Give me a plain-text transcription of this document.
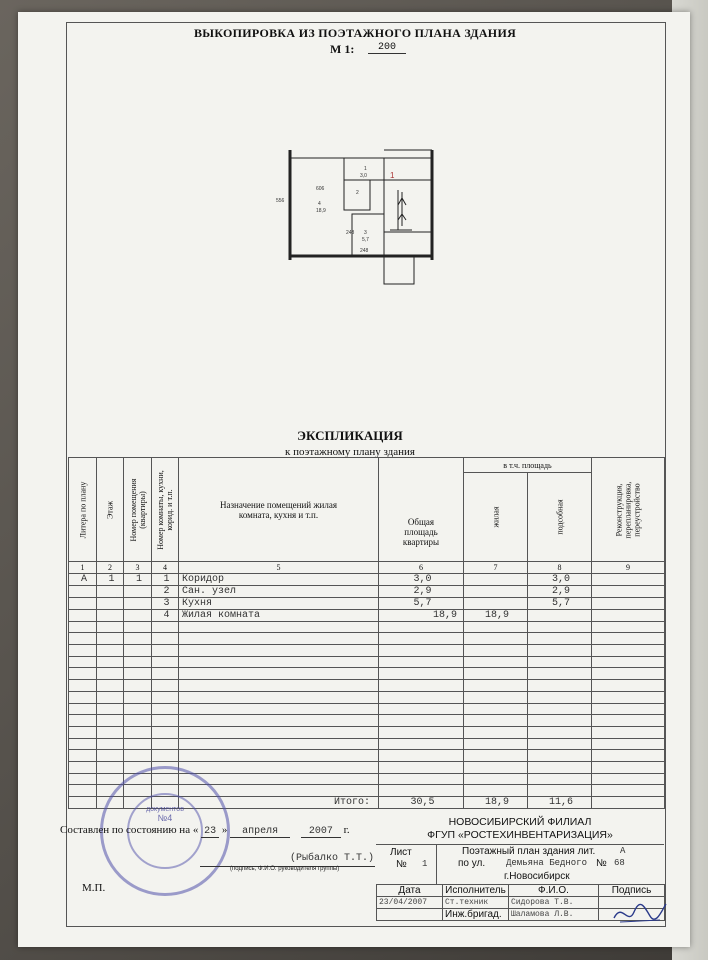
ВЫКОПИРОВКА ИЗ ПОЭТАЖНОГО ПЛАНА ЗДАНИЯ
М 1:	200
606
556	4
18,9
1
3,0
2
3
5,7
243
248
1
ЭКСПЛИКАЦИЯ
к поэтажному плану здания
Литера по плану	Этаж	Номер помещения (квартиры)	Номер комнаты, кухни, корид. и т.п.	Назначение помещений жилая комната, кухня и т.п.	Общая площадь квартиры	в т.ч. площадь		Реконструкция, перепланировка, переустройство

						жилая	подсобная	

1	2	3	4	5	6	7	8	9
А	1	1	1	Коридор	3,0		3,0	
			2	Сан. узел	2,9		2,9	
			3	Кухня	5,7		5,7	
			4	Жилая комната	18,9	18,9		

				Итого:	30,5	18,9	11,6	
документов
№4
Составлен по состоянию на « 23 » апреля	2007 г.
(Рыбалко Т.Т.)
(подпись, Ф.И.О. руководителя группы)
М.П.
НОВОСИБИРСКИЙ ФИЛИАЛ
ФГУП «РОСТЕХИНВЕНТАРИЗАЦИЯ»
Лист
№ 1
Поэтажный план здания лит.	А
по ул. Демьяна Бедного № 68
г.Новосибирск
Дата	Исполнитель	Ф.И.О.	Подпись
23/04/2007	Ст.техник	Сидорова Т.В.	
	Инж.бригад.	Шаламова Л.В.	
